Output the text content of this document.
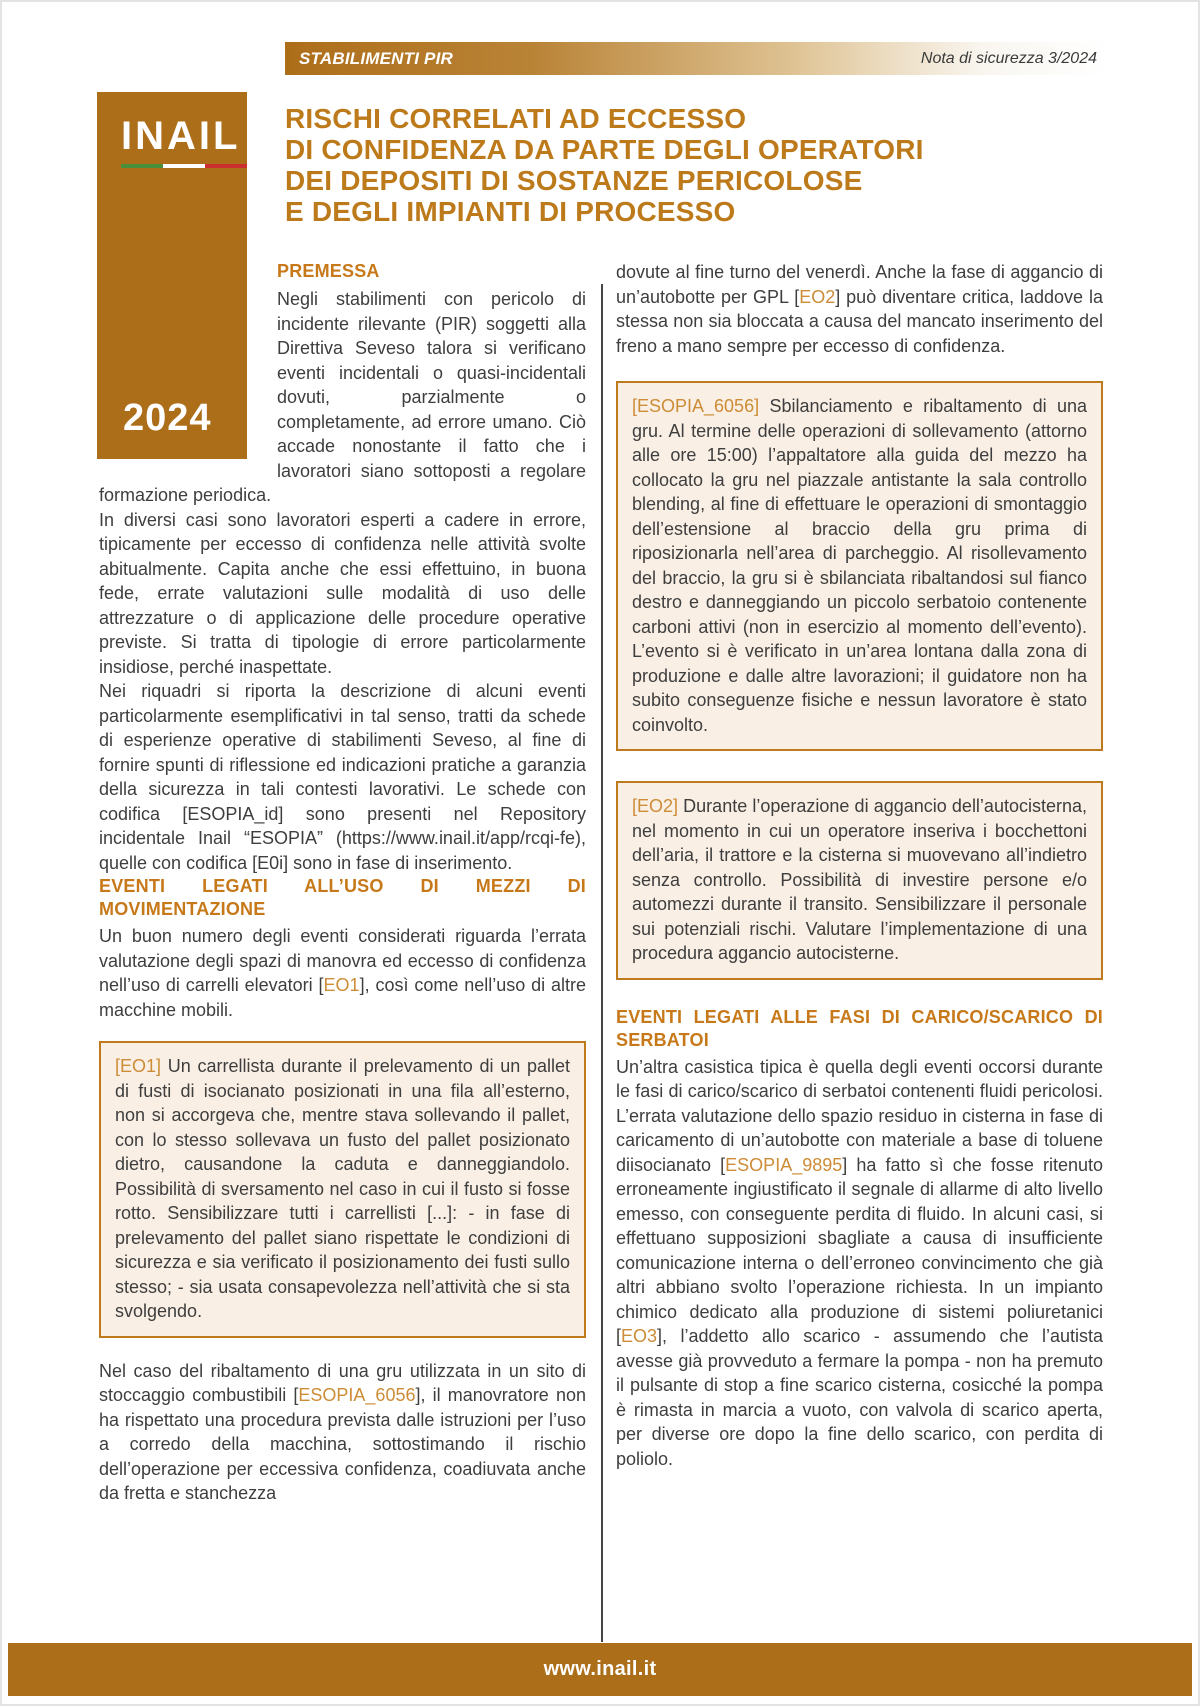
STABILIMENTI PIR	Nota di sicurezza 3/2024
INAIL
2024
RISCHI CORRELATI AD ECCESSO
DI CONFIDENZA DA PARTE DEGLI OPERATORI
DEI DEPOSITI DI SOSTANZE PERICOLOSE
E DEGLI IMPIANTI DI PROCESSO
PREMESSA

Negli stabilimenti con pericolo di incidente rilevante (PIR) soggetti alla Direttiva Seveso talora si verificano eventi incidentali o quasi-incidentali dovuti, parzialmente o completamente, ad errore umano. Ciò accade nonostante il fatto che i lavoratori siano sottoposti a regolare formazione periodica.

In diversi casi sono lavoratori esperti a cadere in errore, tipicamente per eccesso di confidenza nelle attività svolte abitualmente. Capita anche che essi effettuino, in buona fede, errate valutazioni sulle modalità di uso delle attrezzature o di applicazione delle procedure operative previste. Si tratta di tipologie di errore particolarmente insidiose, perché inaspettate.

Nei riquadri si riporta la descrizione di alcuni eventi particolarmente esemplificativi in tal senso, tratti da schede di esperienze operative di stabilimenti Seveso, al fine di fornire spunti di riflessione ed indicazioni pratiche a garanzia della sicurezza in tali contesti lavorativi. Le schede con codifica [ESOPIA_id] sono presenti nel Repository incidentale Inail “ESOPIA” (https://www.inail.it/app/rcqi-fe), quelle con codifica [E0i] sono in fase di inserimento.

EVENTI LEGATI ALL’USO DI MEZZI DI MOVIMENTAZIONE

Un buon numero degli eventi considerati riguarda l’errata valutazione degli spazi di manovra ed eccesso di confidenza nell’uso di carrelli elevatori [EO1], così come nell’uso di altre macchine mobili.

[EO1] Un carrellista durante il prelevamento di un pallet di fusti di isocianato posizionati in una fila all’esterno, non si accorgeva che, mentre stava sollevando il pallet, con lo stesso sollevava un fusto del pallet posizionato dietro, causandone la caduta e danneggiandolo. Possibilità di sversamento nel caso in cui il fusto si fosse rotto. Sensibilizzare tutti i carrellisti [...]: - in fase di prelevamento del pallet siano rispettate le condizioni di sicurezza e sia verificato il posizionamento dei fusti sullo stesso; - sia usata consapevolezza nell’attività che si sta svolgendo.

Nel caso del ribaltamento di una gru utilizzata in un sito di stoccaggio combustibili [ESOPIA_6056], il manovratore non ha rispettato una procedura prevista dalle istruzioni per l’uso a corredo della macchina, sottostimando il rischio dell’operazione per eccessiva confidenza, coadiuvata anche da fretta e stanchezza

dovute al fine turno del venerdì. Anche la fase di aggancio di un’autobotte per GPL [EO2] può diventare critica, laddove la stessa non sia bloccata a causa del mancato inserimento del freno a mano sempre per eccesso di confidenza.

[ESOPIA_6056] Sbilanciamento e ribaltamento di una gru. Al termine delle operazioni di sollevamento (attorno alle ore 15:00) l’appaltatore alla guida del mezzo ha collocato la gru nel piazzale antistante la sala controllo blending, al fine di effettuare le operazioni di smontaggio dell’estensione al braccio della gru prima di riposizionarla nell’area di parcheggio. Al risollevamento del braccio, la gru si è sbilanciata ribaltandosi sul fianco destro e danneggiando un piccolo serbatoio contenente carboni attivi (non in esercizio al momento dell’evento). L’evento si è verificato in un’area lontana dalla zona di produzione e dalle altre lavorazioni; il guidatore non ha subito conseguenze fisiche e nessun lavoratore è stato coinvolto.

[EO2] Durante l’operazione di aggancio dell’autocisterna, nel momento in cui un operatore inseriva i bocchettoni dell’aria, il trattore e la cisterna si muovevano all’indietro senza controllo. Possibilità di investire persone e/o automezzi durante il transito. Sensibilizzare il personale sui potenziali rischi. Valutare l’implementazione di una procedura aggancio autocisterne.

EVENTI LEGATI ALLE FASI DI CARICO/SCARICO DI SERBATOI

Un’altra casistica tipica è quella degli eventi occorsi durante le fasi di carico/scarico di serbatoi contenenti fluidi pericolosi. L’errata valutazione dello spazio residuo in cisterna in fase di caricamento di un’autobotte con materiale a base di toluene diisocianato [ESOPIA_9895] ha fatto sì che fosse ritenuto erroneamente ingiustificato il segnale di allarme di alto livello emesso, con conseguente perdita di fluido. In alcuni casi, si effettuano supposizioni sbagliate a causa di insufficiente comunicazione interna o dell’erroneo convincimento che già altri abbiano svolto l’operazione richiesta. In un impianto chimico dedicato alla produzione di sistemi poliuretanici [EO3], l’addetto allo scarico - assumendo che l’autista avesse già provveduto a fermare la pompa - non ha premuto il pulsante di stop a fine scarico cisterna, cosicché la pompa è rimasta in marcia a vuoto, con valvola di scarico aperta, per diverse ore dopo la fine dello scarico, con perdita di poliolo.

www.inail.it
